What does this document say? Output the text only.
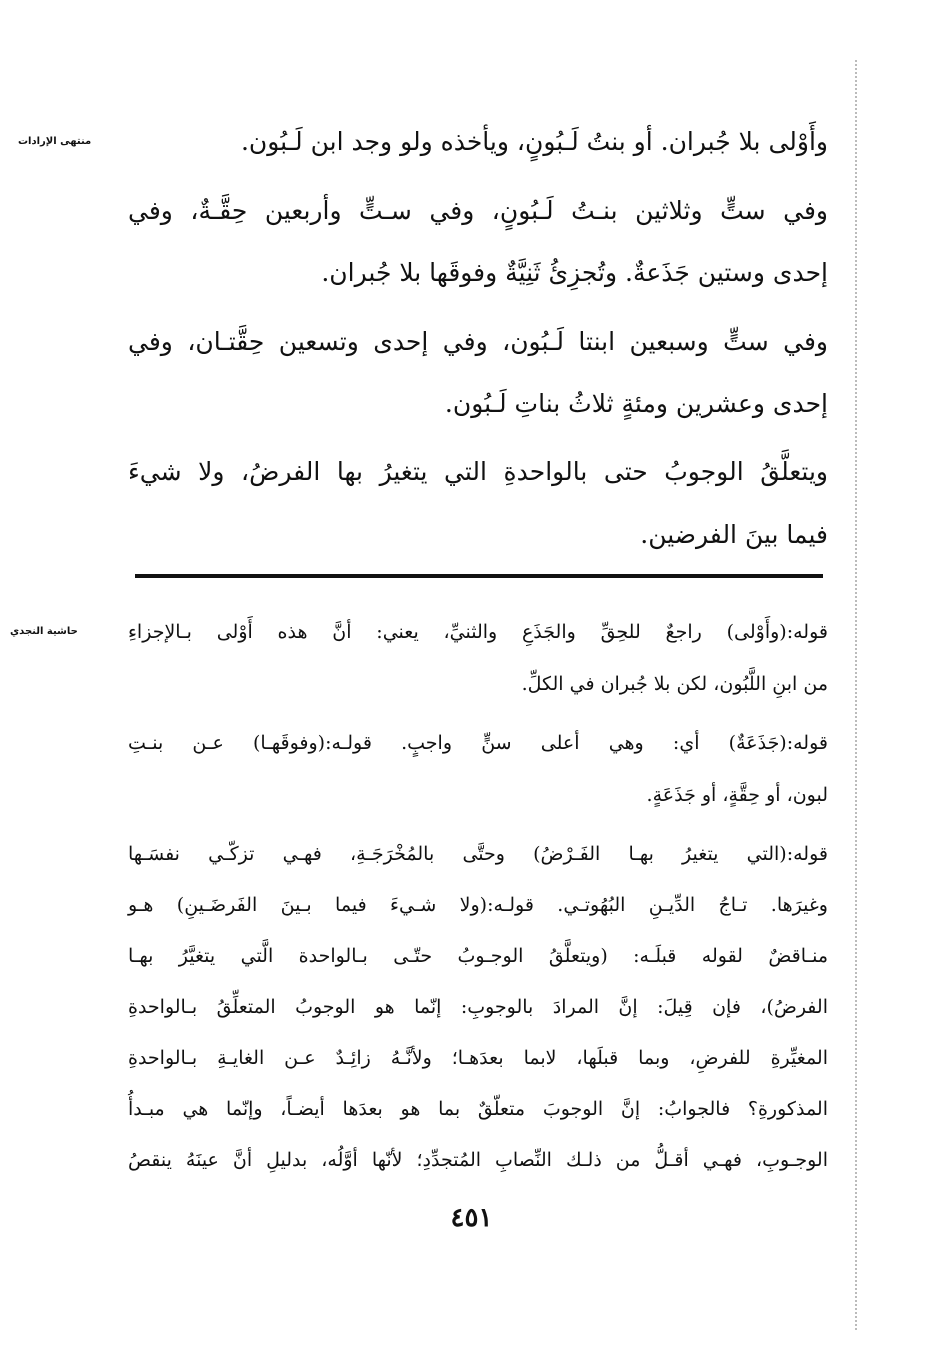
منتهى الإرادات
حاشية النجدي
وأَوْلى بلا جُبران. أو بنتُ لَـبُونٍ، ويأخذه ولو وجد ابن لَـبُون.
وفي ستٍّ وثلاثين بنـتُ لَـبُونٍ، وفي سـتٍّ وأربعين حِقَّـةٌ، وفي
إحدى وستين جَذَعةٌ. وتُجزِئُ ثَنِيَّةٌ وفوقَها بلا جُبران.
وفي ستٍّ وسبعين ابنتا لَـبُون، وفي إحدى وتسعين حِقَّتـان، وفي
إحدى وعشرين ومئةٍ ثلاثُ بناتِ لَـبُون.
ويتعلَّقُ الوجوبُ حتى بالواحدةِ التي يتغيرُ بها الفرضُ، ولا شيءَ
فيما بينَ الفرضين.
قوله:(وأَوْلى) راجعٌ للحِقِّ والجَذَعِ والثنيِّ، يعني: أنَّ هذه أَوْلى بـالإجزاءِ
من ابنِ اللَّبُون، لكن بلا جُبران في الكلِّ.
قوله:(جَذَعَةٌ) أي: وهي أعلى سنٍّ واجبٍ. قولـه:(وفوقَهـا) عـن بنـتِ
لبون، أو حِقَّةٍ، أو جَذَعَةٍ.
قوله:(التي يتغيرُ بهـا الفَـرْضُ) وحتَّى بالمُخْرَجَـةِ، فهـي تزكّـي نفسَـها
وغيرَها. تـاجُ الدِّيـنِ البُهُوتـي. قولـه:(ولا شـيءَ فيما بـينَ الفَرضَـينِ) هـو
منـاقضٌ لقوله قبلَـه: (ويتعلَّقُ الوجـوبُ حتّـى بـالواحدة الَّتي يتغيَّرُ بهـا
الفرضُ)، فإن قِيلَ: إنَّ المرادَ بالوجوبِ: إنّما هو الوجوبُ المتعلِّقُ بـالواحدةِ
المغيِّرةِ للفرضِ، وبما قبلَها، لابما بعدَهـا؛ ولأنَّـهُ زائِـدٌ عـن الغايـةِ بـالواحدةِ
المذكورةِ؟ فالجوابُ: إنَّ الوجوبَ متعلّقٌ بما هو بعدَها أيضـاً، وإنّما هي مبـدأُ
الوجـوبِ، فهـي أقـلُّ من ذلـك النِّصابِ المُتجدِّدِ؛ لأنّها أوَّلُه، بدليلِ أنَّ عينَهُ ينقصُ
٤٥١
